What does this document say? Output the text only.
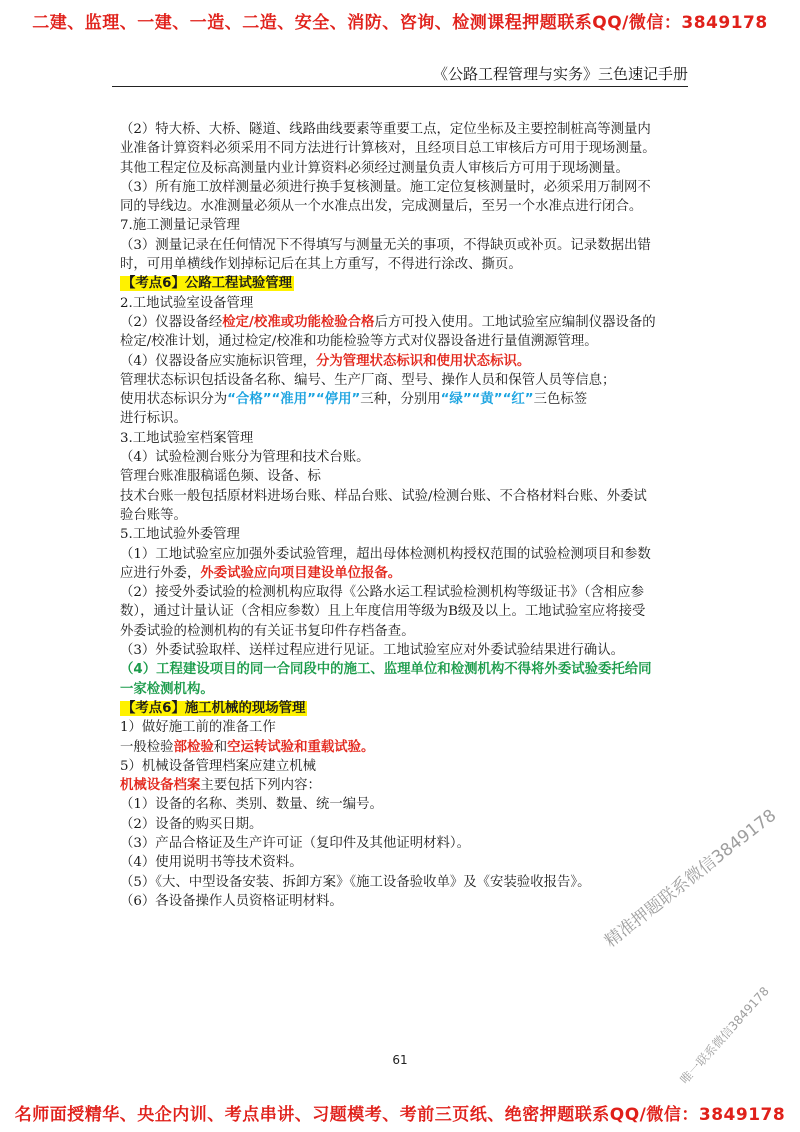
二建、监理、一建、一造、二造、安全、消防、咨询、检测课程押题联系QQ/微信：3849178
《公路工程管理与实务》三色速记手册
（2）特大桥、大桥、隧道、线路曲线要素等重要工点，定位坐标及主要控制桩高等测量内
业准备计算资料必须采用不同方法进行计算核对，且经项目总工审核后方可用于现场测量。
其他工程定位及标高测量内业计算资料必须经过测量负责人审核后方可用于现场测量。
（3）所有施工放样测量必须进行换手复核测量。施工定位复核测量时，必须采用万制网不
同的导线边。水准测量必须从一个水准点出发，完成测量后，至另一个水准点进行闭合。
7.施工测量记录管理
（3）测量记录在任何情况下不得填写与测量无关的事项，不得缺页或补页。记录数据出错
时，可用单横线作划掉标记后在其上方重写，不得进行涂改、撕页。
【考点6】公路工程试验管理
2.工地试验室设备管理
（2）仪器设备经检定/校准或功能检验合格后方可投入使用。工地试验室应编制仪器设备的
检定/校准计划，通过检定/校准和功能检验等方式对仪器设备进行量值溯源管理。
（4）仪器设备应实施标识管理，分为管理状态标识和使用状态标识。
管理状态标识包括设备名称、编号、生产厂商、型号、操作人员和保管人员等信息；
使用状态标识分为“合格”“准用”“停用”三种，分别用“绿”“黄”“红”三色标签
进行标识。
3.工地试验室档案管理
（4）试验检测台账分为管理和技术台账。
管理台账准服稿谣色频、设备、标
技术台账一般包括原材料进场台账、样品台账、试验/检测台账、不合格材料台账、外委试
验台账等。
5.工地试验外委管理
（1）工地试验室应加强外委试验管理，超出母体检测机构授权范围的试验检测项目和参数
应进行外委，外委试验应向项目建设单位报备。
（2）接受外委试验的检测机构应取得《公路水运工程试验检测机构等级证书》（含相应参
数），通过计量认证（含相应参数）且上年度信用等级为B级及以上。工地试验室应将接受
外委试验的检测机构的有关证书复印件存档备查。
（3）外委试验取样、送样过程应进行见证。工地试验室应对外委试验结果进行确认。
（4）工程建设项目的同一合同段中的施工、监理单位和检测机构不得将外委试验委托给同
一家检测机构。
【考点6】施工机械的现场管理
1）做好施工前的准备工作
一般检验部检验和空运转试验和重载试验。
5）机械设备管理档案应建立机械
机械设备档案主要包括下列内容：
（1）设备的名称、类别、数量、统一编号。
（2）设备的购买日期。
（3）产品合格证及生产许可证（复印件及其他证明材料）。
（4）使用说明书等技术资料。
（5）《大、中型设备安装、拆卸方案》《施工设备验收单》及《安装验收报告》。
（6）各设备操作人员资格证明材料。
61
精准押题联系微信3849178
唯一联系微信3849178
名师面授精华、央企内训、考点串讲、习题模考、考前三页纸、绝密押题联系QQ/微信：3849178
